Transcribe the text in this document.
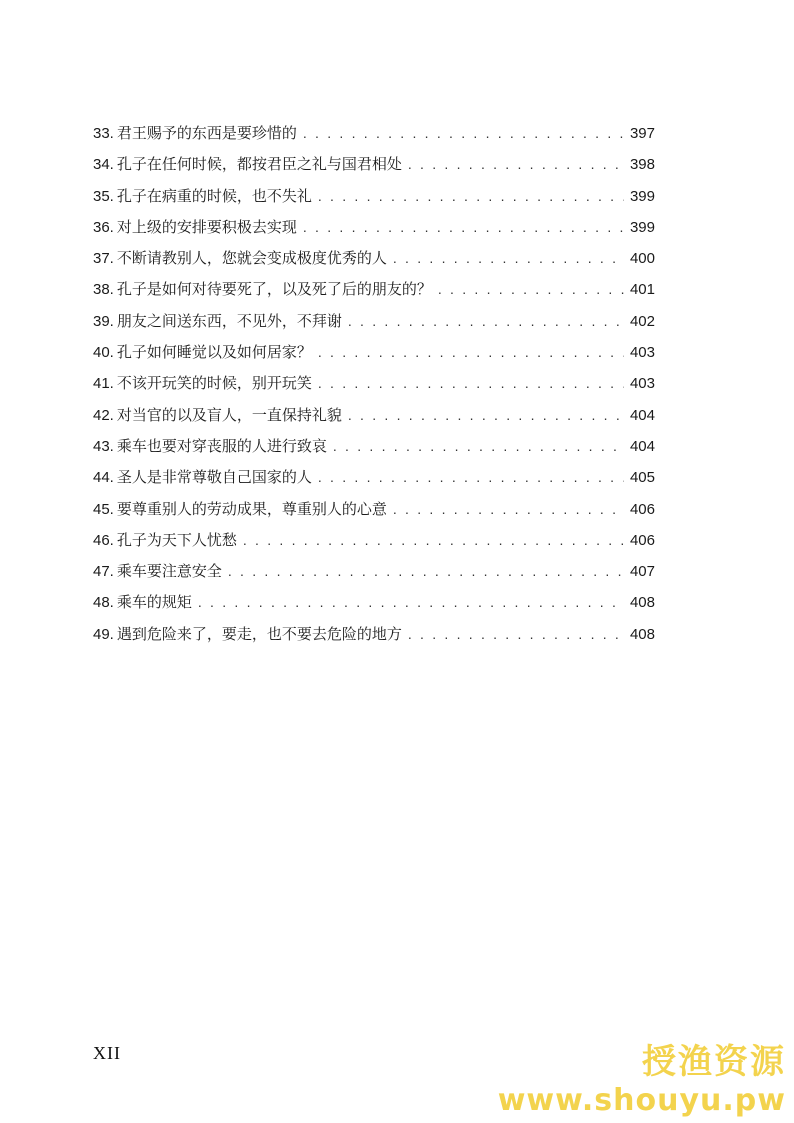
33. 君王赐予的东西是要珍惜的 . . .	397
34. 孔子在任何时候，都按君臣之礼与国君相处 . . .	398
35. 孔子在病重的时候，也不失礼 . . .	399
36. 对上级的安排要积极去实现 . . .	399
37. 不断请教别人，您就会变成极度优秀的人 . . .	400
38. 孔子是如何对待要死了，以及死了后的朋友的？ . . .	401
39. 朋友之间送东西，不见外，不拜谢 . . .	402
40. 孔子如何睡觉以及如何居家？ . . .	403
41. 不该开玩笑的时候，别开玩笑 . . .	403
42. 对当官的以及盲人，一直保持礼貌 . . .	404
43. 乘车也要对穿丧服的人进行致哀 . . .	404
44. 圣人是非常尊敬自己国家的人 . . .	405
45. 要尊重别人的劳动成果，尊重别人的心意 . . .	406
46. 孔子为天下人忧愁 . . .	406
47. 乘车要注意安全 . . .	407
48. 乘车的规矩 . . .	408
49. 遇到危险来了，要走，也不要去危险的地方 . . .	408
XII	授渔资源
www.shouyu.pw
